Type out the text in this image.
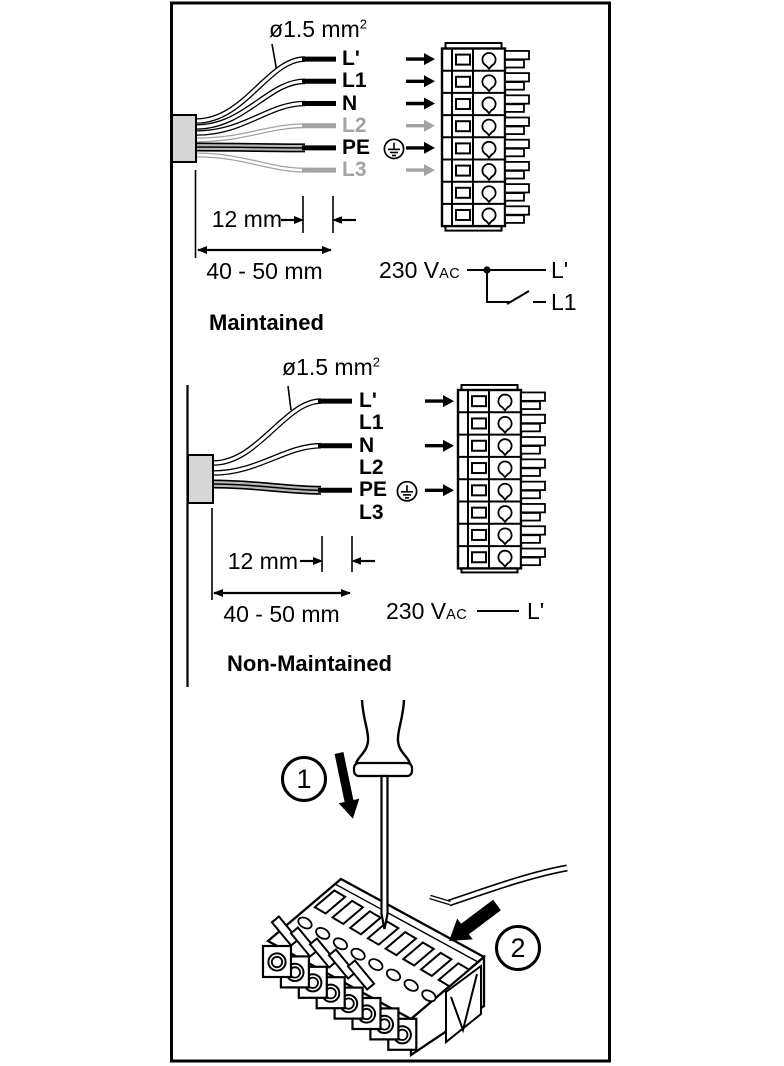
ø1.5 $mm^2$
12 mm
40 - 50 mm	230 VAC	L'
L1
Maintained
ø1.5 $mm^2$
12 mm
40 - 50 mm	230 VAC	L'
Non-Maintained
1
2
L'
L1
N
L2
PE
L3
L'
L1
N
L2
PE
L3
